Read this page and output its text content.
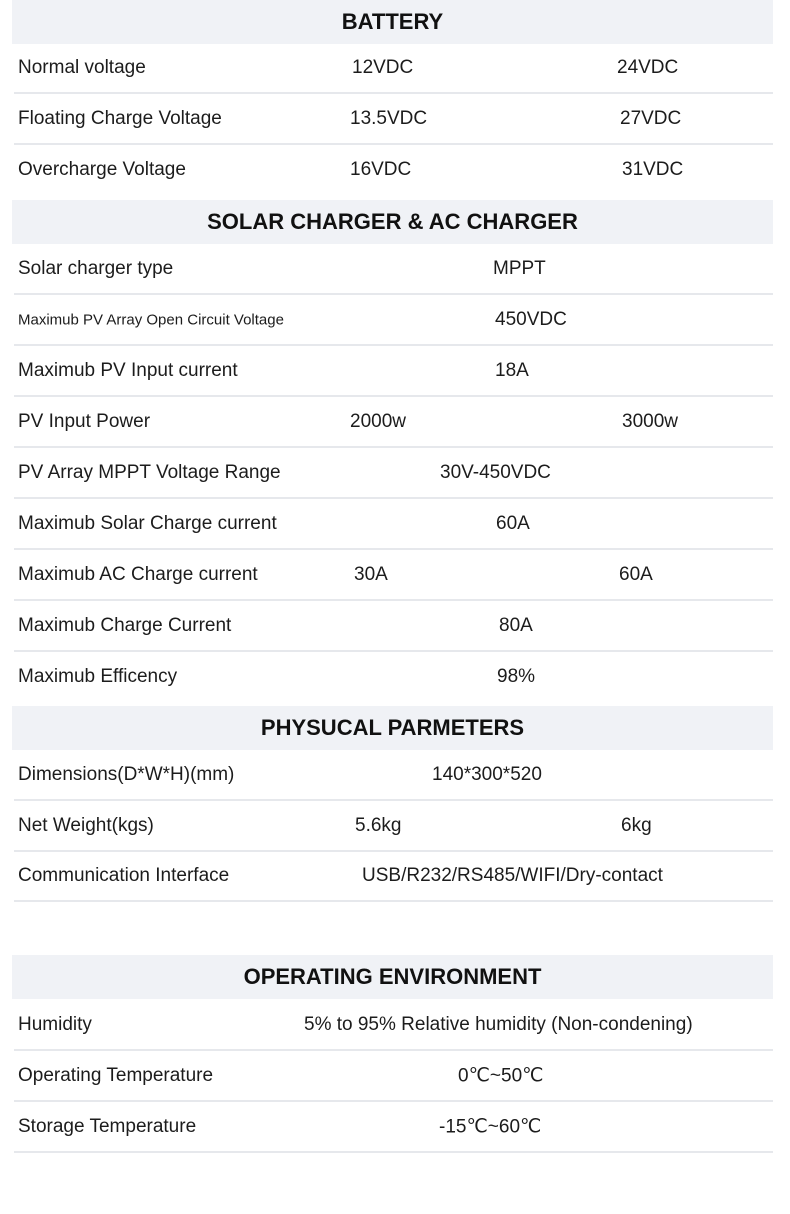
BATTERY
Normal voltage	12VDC	24VDC
Floating Charge Voltage	13.5VDC	27VDC
Overcharge Voltage	16VDC	31VDC
SOLAR CHARGER & AC CHARGER
Solar charger type	MPPT
Maximub PV Array Open Circuit Voltage	450VDC
Maximub PV Input current	18A
PV Input Power	2000w	3000w
PV Array MPPT Voltage Range	30V-450VDC
Maximub Solar Charge current	60A
Maximub AC Charge current	30A	60A
Maximub Charge Current	80A
Maximub Efficency	98%
PHYSUCAL PARMETERS
Dimensions(D*W*H)(mm)	140*300*520
Net Weight(kgs)	5.6kg	6kg
Communication Interface	USB/R232/RS485/WIFI/Dry-contact
OPERATING ENVIRONMENT
Humidity	5% to 95% Relative humidity (Non-condening)
Operating Temperature	0℃~50℃
Storage Temperature	-15℃~60℃
